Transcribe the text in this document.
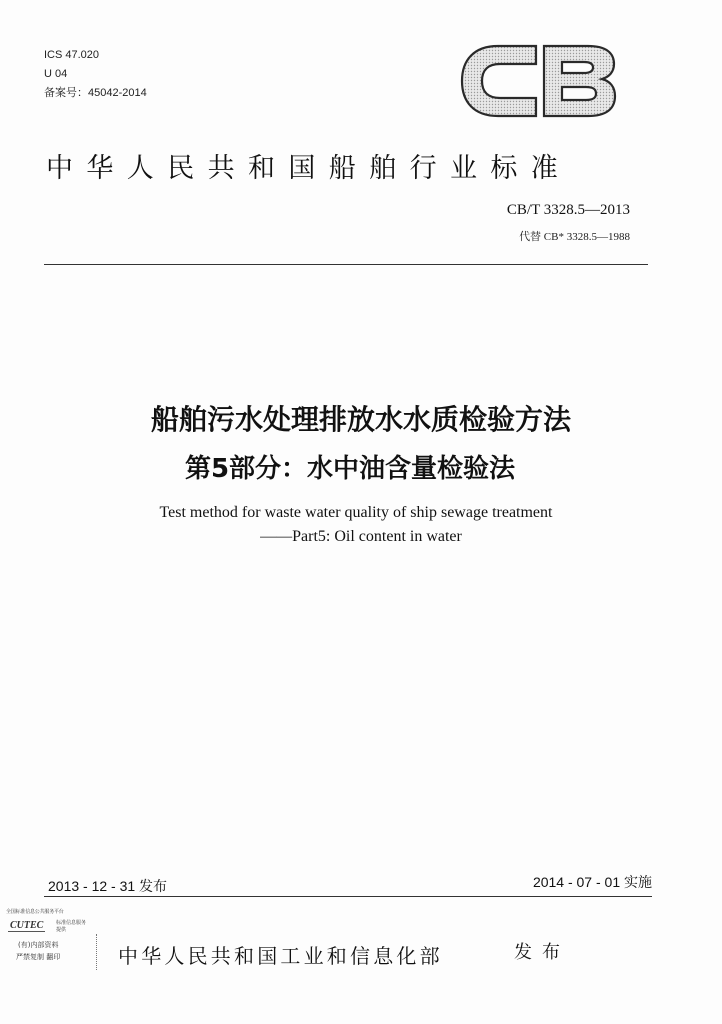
ICS 47.020
U 04
备案号：45042-2014
中华人民共和国船舶行业标准
CB/T 3328.5—2013
代替 CB* 3328.5—1988
船舶污水处理排放水水质检验方法
第5部分：水中油含量检验法
Test method for waste water quality of ship sewage treatment
——Part5: Oil content in water
2013 - 12 - 31 发布	2014 - 07 - 01 实施
全国标准信息公共服务平台
CUTEC	标准信息服务
提供
(有)内部资料
严禁复制 翻印	中华人民共和国工业和信息化部	发布
